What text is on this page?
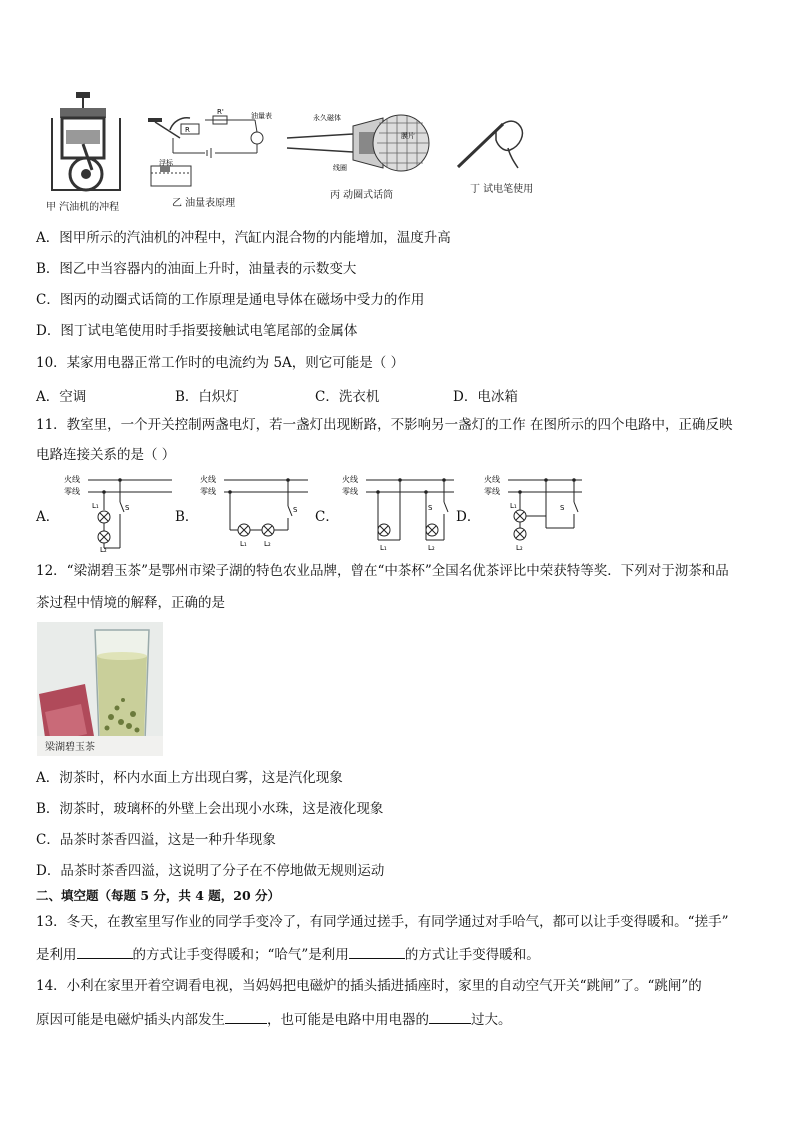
甲 汽油机的冲程
浮标
R
R'	油量表
乙 油量表原理
永久磁体
膜片
线圈
丙 动圈式话筒
丁 试电笔使用
A．图甲所示的汽油机的冲程中，汽缸内混合物的内能增加，温度升高
B．图乙中当容器内的油面上升时，油量表的示数变大
C．图丙的动圈式话筒的工作原理是通电导体在磁场中受力的作用
D．图丁试电笔使用时手指要接触试电笔尾部的金属体
10．某家用电器正常工作时的电流约为 5A，则它可能是（ ）
A．空调	B．白炽灯	C．洗衣机	D．电冰箱
11．教室里，一个开关控制两盏电灯，若一盏灯出现断路，不影响另一盏灯的工作 在图所示的四个电路中，正确反映
电路连接关系的是（ ）
A．
火线
零线
L₁
L₂
S
B．
火线
零线
L₁ L₂
S C．
火线
零线
L₁	L₂
S
D．
火线
零线
L₁
L₂
S
12．“梁湖碧玉茶”是鄂州市梁子湖的特色农业品牌，曾在“中茶杯”全国名优茶评比中荣获特等奖．下列对于沏茶和品
茶过程中情境的解释，正确的是
梁湖碧玉茶
A．沏茶时，杯内水面上方出现白雾，这是汽化现象
B．沏茶时，玻璃杯的外壁上会出现小水珠，这是液化现象
C．品茶时茶香四溢，这是一种升华现象
D．品茶时茶香四溢，这说明了分子在不停地做无规则运动
二、填空题（每题 5 分，共 4 题，20 分）
13．冬天，在教室里写作业的同学手变冷了，有同学通过搓手，有同学通过对手哈气，都可以让手变得暖和。“搓手”
是利用	的方式让手变得暖和；“哈气”是利用	的方式让手变得暖和。
14．小利在家里开着空调看电视，当妈妈把电磁炉的插头插进插座时，家里的自动空气开关“跳闸”了。“跳闸”的
原因可能是电磁炉插头内部发生	，也可能是电路中用电器的	过大。
